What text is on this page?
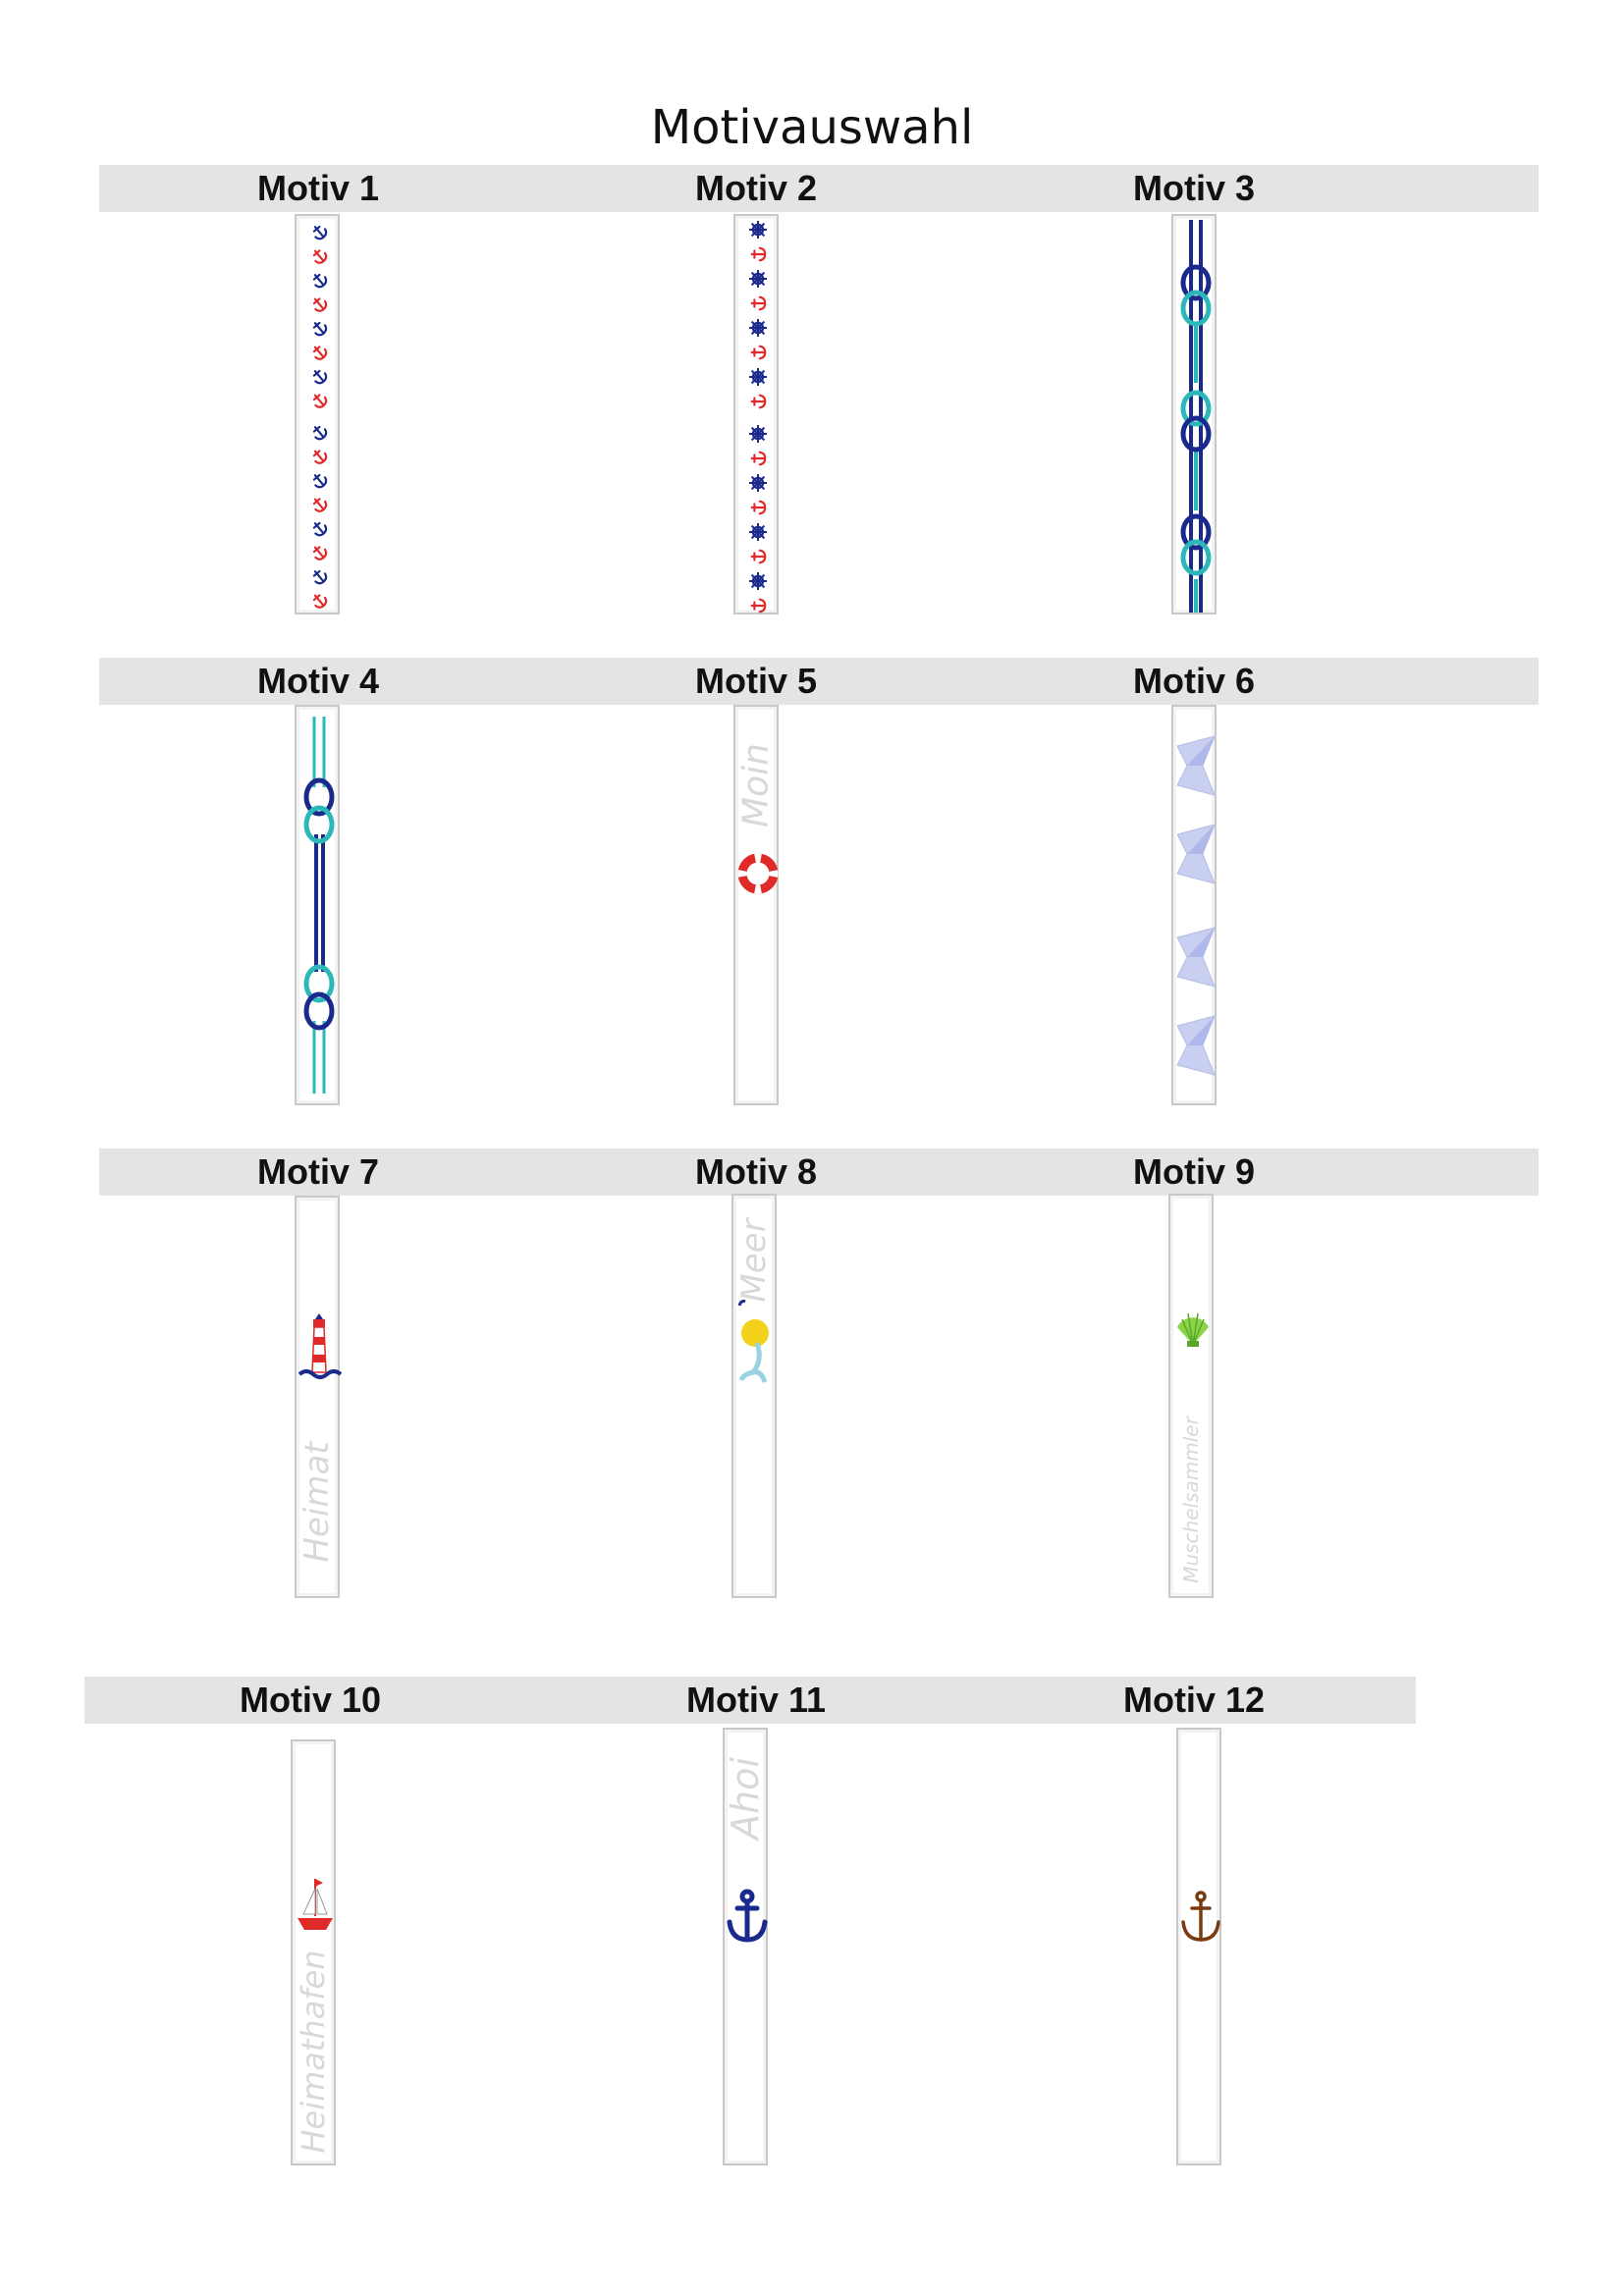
Motivauswahl
Motiv 1	Motiv 2	Motiv 3
Motiv 4	Motiv 5	Motiv 6
Motiv 7	Motiv 8	Motiv 9
Motiv 10	Motiv 11	Motiv 12
Moin
Heimat
Meer
Muschelsammler
Heimathafen
Ahoi
